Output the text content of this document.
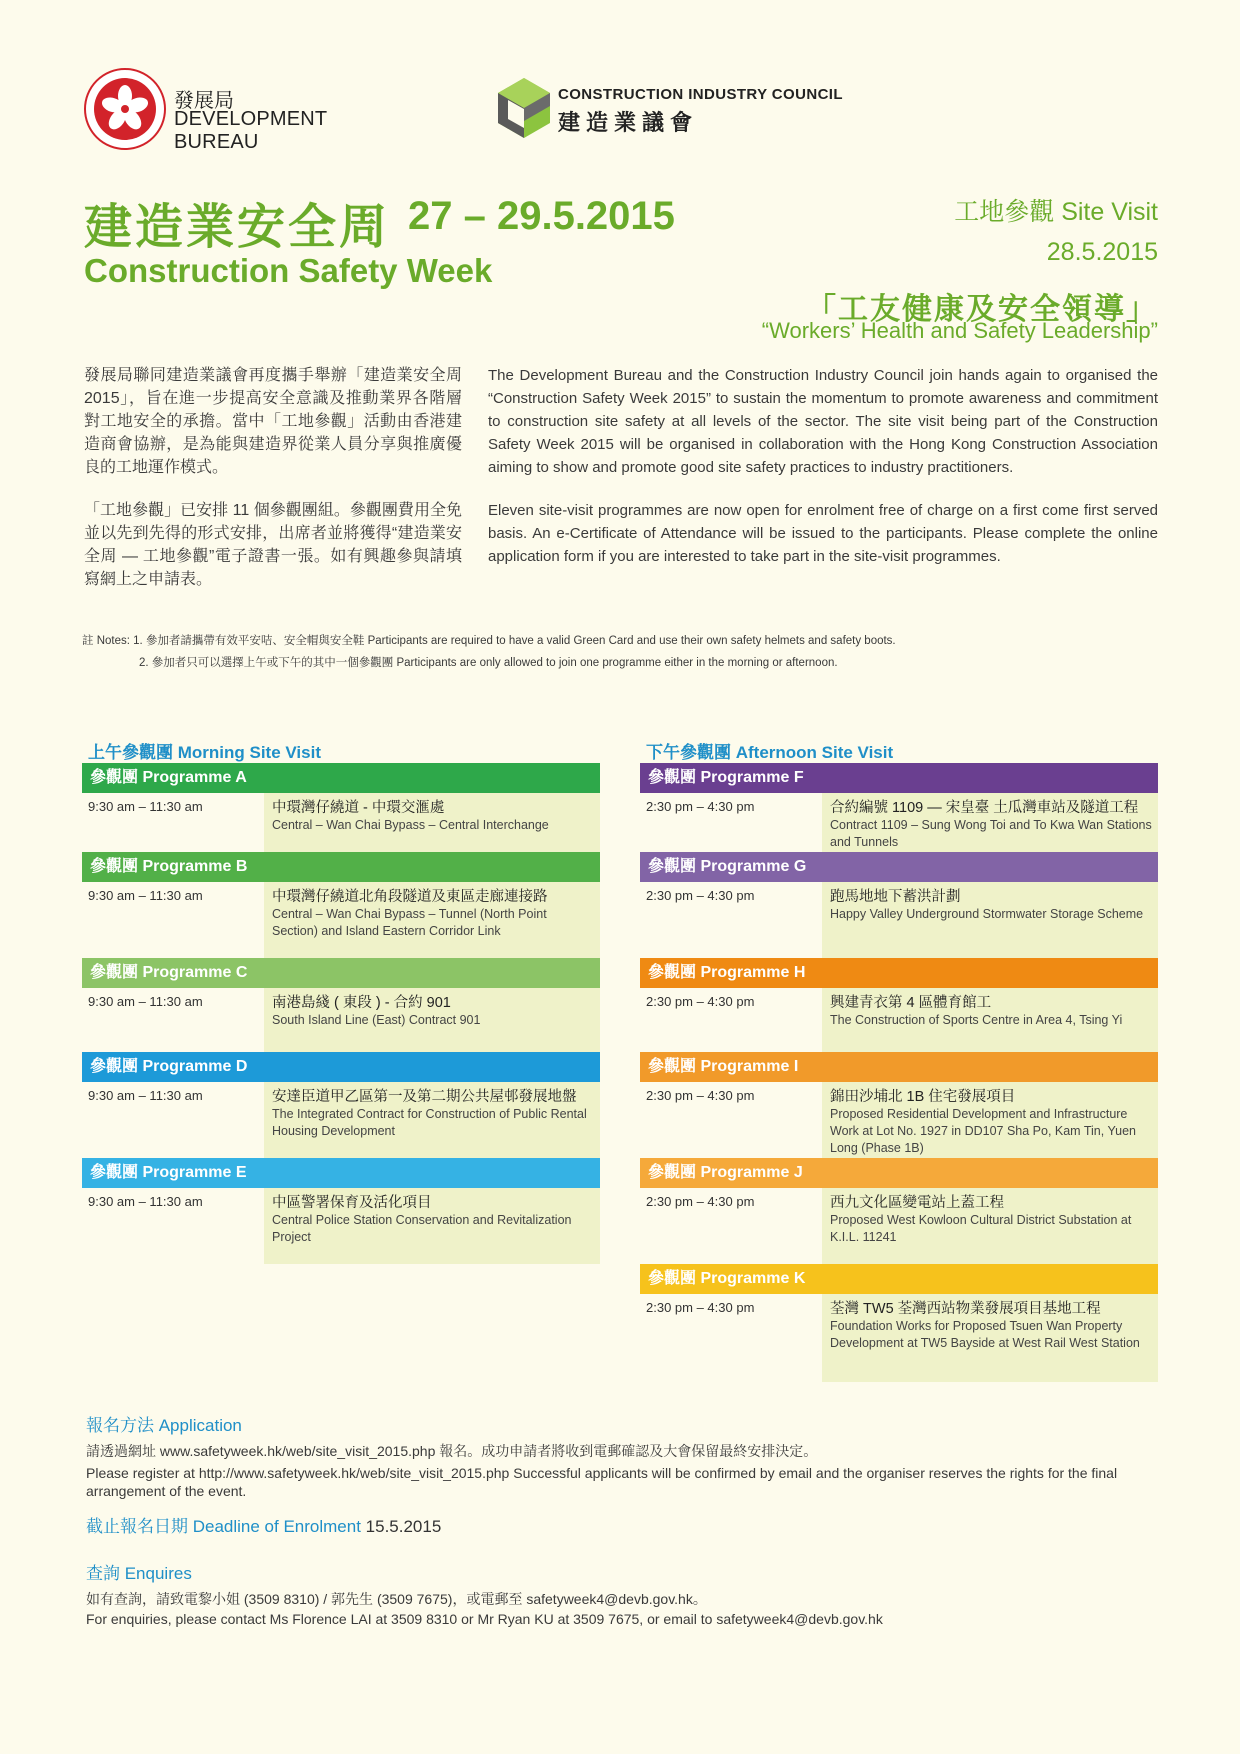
發展局
DEVELOPMENT BUREAU
CONSTRUCTION INDUSTRY COUNCIL
建造業議會
建造業安全周 27 – 29.5.2015
Construction Safety Week
工地參觀 Site Visit
28.5.2015
「工友健康及安全領導」
“Workers’ Health and Safety Leadership”

發展局聯同建造業議會再度攜手舉辦「建造業安全周 2015」，旨在進一步提高安全意識及推動業界各階層對工地安全的承擔。當中「工地參觀」活動由香港建造商會協辦，是為能與建造界從業人員分享與推廣優良的工地運作模式。

「工地參觀」已安排 11 個參觀團組。參觀團費用全免並以先到先得的形式安排，出席者並將獲得“建造業安全周 — 工地參觀”電子證書一張。如有興趣參與請填寫網上之申請表。

The Development Bureau and the Construction Industry Council join hands again to organised the “Construction Safety Week 2015” to sustain the momentum to promote awareness and commitment to construction site safety at all levels of the sector. The site visit being part of the Construction Safety Week 2015 will be organised in collaboration with the Hong Kong Construction Association aiming to show and promote good site safety practices to industry practitioners.

Eleven site-visit programmes are now open for enrolment free of charge on a first come first served basis. An e-Certificate of Attendance will be issued to the participants. Please complete the online application form if you are interested to take part in the site-visit programmes.

註 Notes: 1. 參加者請攜帶有效平安咭、安全帽與安全鞋 Participants are required to have a valid Green Card and use their own safety helmets and safety boots.
2. 參加者只可以選擇上午或下午的其中一個參觀團 Participants are only allowed to join one programme either in the morning or afternoon.
上午參觀團 Morning Site Visit	下午參觀團 Afternoon Site Visit
參觀團 Programme A
9:30 am – 11:30 am	中環灣仔繞道 - 中環交滙處
Central – Wan Chai Bypass – Central Interchange
參觀團 Programme B
9:30 am – 11:30 am	中環灣仔繞道北角段隧道及東區走廊連接路
Central – Wan Chai Bypass – Tunnel (North Point Section) and Island Eastern Corridor Link
參觀團 Programme C
9:30 am – 11:30 am	南港島綫 ( 東段 ) - 合約 901
South Island Line (East) Contract 901
參觀團 Programme D
9:30 am – 11:30 am	安達臣道甲乙區第一及第二期公共屋邨發展地盤
The Integrated Contract for Construction of Public Rental Housing Development
參觀團 Programme E
9:30 am – 11:30 am	中區警署保育及活化項目
Central Police Station Conservation and Revitalization Project
參觀團 Programme F
2:30 pm – 4:30 pm	合約編號 1109 — 宋皇臺 土瓜灣車站及隧道工程
Contract 1109 – Sung Wong Toi and To Kwa Wan Stations and Tunnels
參觀團 Programme G
2:30 pm – 4:30 pm	跑馬地地下蓄洪計劃
Happy Valley Underground Stormwater Storage Scheme
參觀團 Programme H
2:30 pm – 4:30 pm	興建青衣第 4 區體育館工
The Construction of Sports Centre in Area 4, Tsing Yi
參觀團 Programme I
2:30 pm – 4:30 pm	錦田沙埔北 1B 住宅發展項目
Proposed Residential Development and Infrastructure Work at Lot No. 1927 in DD107 Sha Po, Kam Tin, Yuen Long (Phase 1B)
參觀團 Programme J
2:30 pm – 4:30 pm	西九文化區變電站上蓋工程
Proposed West Kowloon Cultural District Substation at K.I.L. 11241
參觀團 Programme K
2:30 pm – 4:30 pm	荃灣 TW5 荃灣西站物業發展項目基地工程
Foundation Works for Proposed Tsuen Wan Property Development at TW5 Bayside at West Rail West Station
報名方法 Application
請透過網址 www.safetyweek.hk/web/site_visit_2015.php 報名。成功申請者將收到電郵確認及大會保留最終安排決定。
Please register at http://www.safetyweek.hk/web/site_visit_2015.php Successful applicants will be confirmed by email and the organiser reserves the rights for the final arrangement of the event.
截止報名日期 Deadline of Enrolment 15.5.2015
查詢 Enquires
如有查詢，請致電黎小姐 (3509 8310) / 郭先生 (3509 7675)，或電郵至 safetyweek4@devb.gov.hk。
For enquiries, please contact Ms Florence LAI at 3509 8310 or Mr Ryan KU at 3509 7675, or email to safetyweek4@devb.gov.hk
